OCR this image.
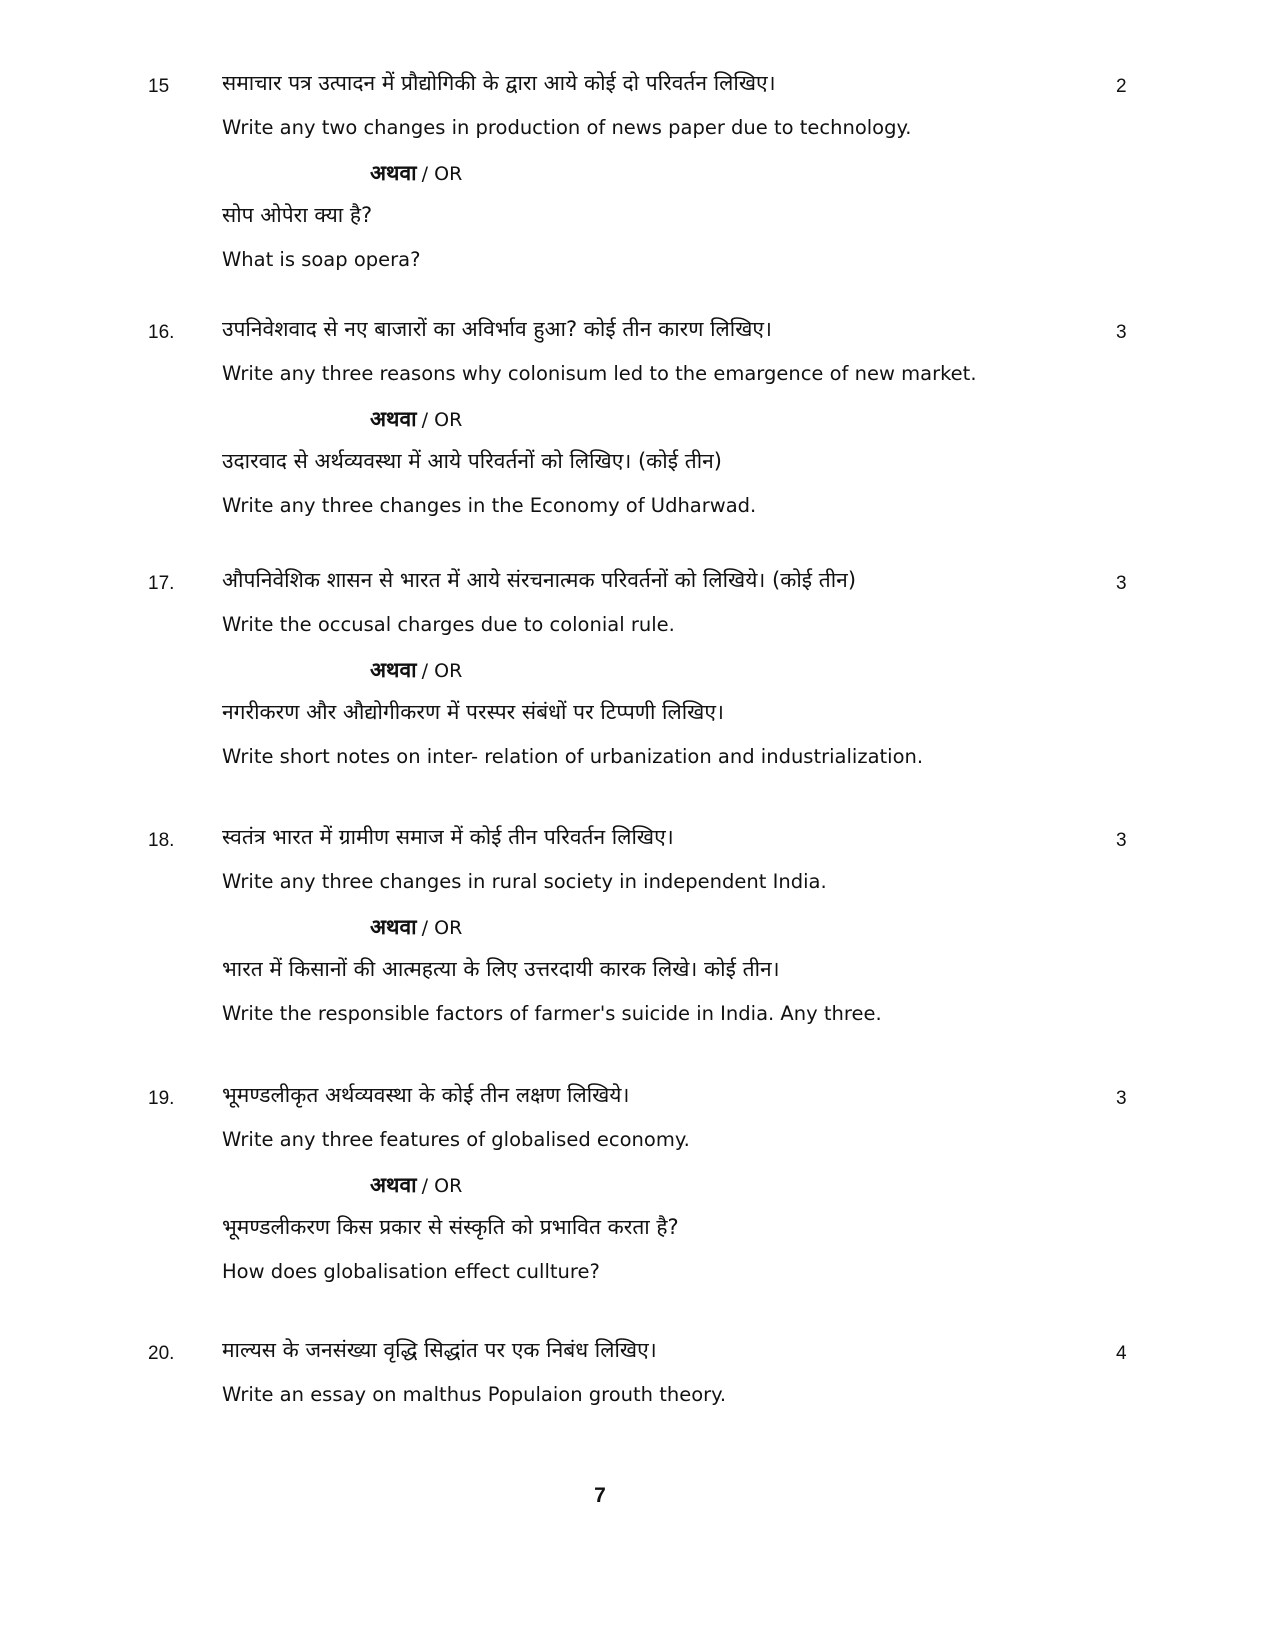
15	2
समाचार पत्र उत्पादन में प्रौद्योगिकी के द्वारा आये कोई दो परिवर्तन लिखिए।
Write any two changes in production of news paper due to technology.
अथवा / OR
सोप ओपेरा क्या है?
What is soap opera?
16.	3
उपनिवेशवाद से नए बाजारों का अविर्भाव हुआ? कोई तीन कारण लिखिए।
Write any three reasons why colonisum led to the emargence of new market.
अथवा / OR
उदारवाद से अर्थव्यवस्था में आये परिवर्तनों को लिखिए। (कोई तीन)
Write any three changes in the Economy of Udharwad.
17.	3
औपनिवेशिक शासन से भारत में आये संरचनात्मक परिवर्तनों को लिखिये। (कोई तीन)
Write the occusal charges due to colonial rule.
अथवा / OR
नगरीकरण और औद्योगीकरण में परस्पर संबंधों पर टिप्पणी लिखिए।
Write short notes on inter- relation of urbanization and industrialization.
18.	3
स्वतंत्र भारत में ग्रामीण समाज में कोई तीन परिवर्तन लिखिए।
Write any three changes in rural society in independent India.
अथवा / OR
भारत में किसानों की आत्महत्या के लिए उत्तरदायी कारक लिखे। कोई तीन।
Write the responsible factors of farmer's suicide in India. Any three.
19.	3
भूमण्डलीकृत अर्थव्यवस्था के कोई तीन लक्षण लिखिये।
Write any three features of globalised economy.
अथवा / OR
भूमण्डलीकरण किस प्रकार से संस्कृति को प्रभावित करता है?
How does globalisation effect cullture?
20.	4
माल्यस के जनसंख्या वृद्धि सिद्धांत पर एक निबंध लिखिए।
Write an essay on malthus Populaion grouth theory.
7
